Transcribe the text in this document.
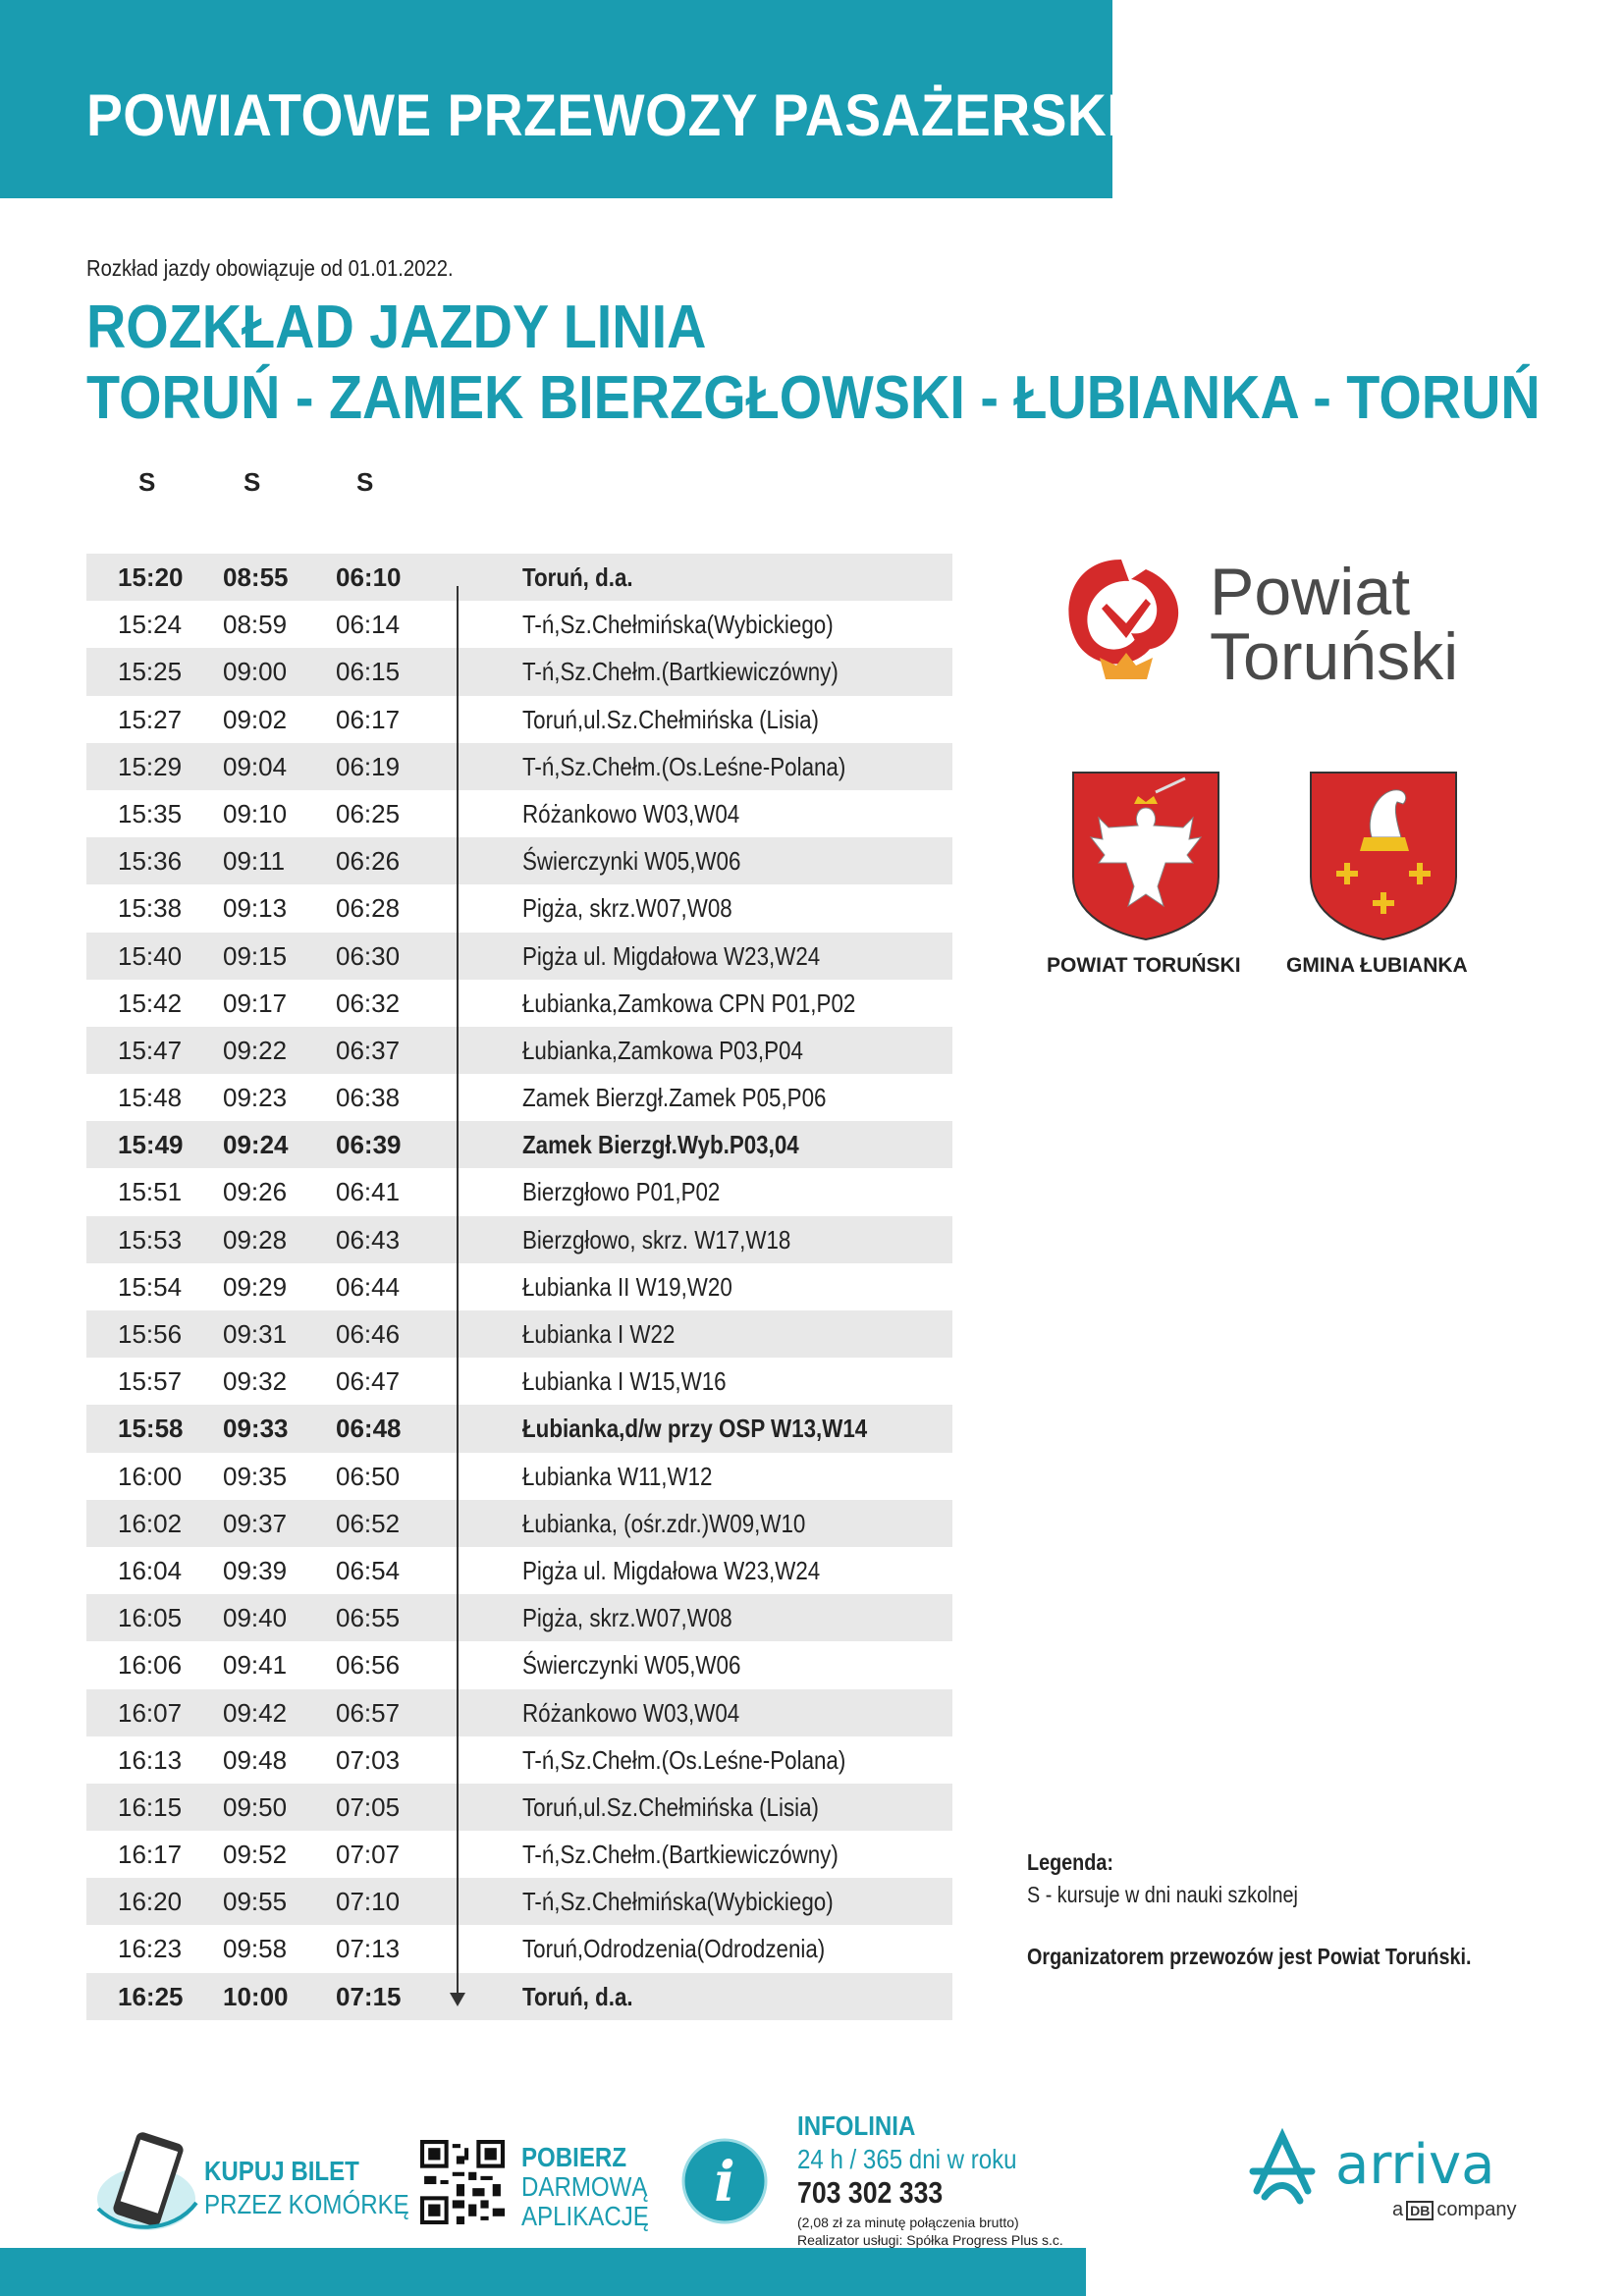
POWIATOWE PRZEWOZY PASAŻERSKIE
Rozkład jazdy obowiązuje od 01.01.2022.
ROZKŁAD JAZDY LINIA
TORUŃ - ZAMEK BIERZGŁOWSKI - ŁUBIANKA - TORUŃ
S	S	S
15:20 08:55 06:10	Toruń, d.a.
15:24 08:59 06:14	T-ń,Sz.Chełmińska(Wybickiego)
15:25 09:00 06:15	T-ń,Sz.Chełm.(Bartkiewiczówny)
15:27 09:02 06:17	Toruń,ul.Sz.Chełmińska (Lisia)
15:29 09:04 06:19	T-ń,Sz.Chełm.(Os.Leśne-Polana)
15:35 09:10 06:25	Różankowo W03,W04
15:36 09:11 06:26	Świerczynki W05,W06
15:38 09:13 06:28	Pigża, skrz.W07,W08
15:40 09:15 06:30	Pigża ul. Migdałowa W23,W24
15:42 09:17 06:32	Łubianka,Zamkowa CPN P01,P02
15:47 09:22 06:37	Łubianka,Zamkowa P03,P04
15:48 09:23 06:38	Zamek Bierzgł.Zamek P05,P06
15:49 09:24 06:39	Zamek Bierzgł.Wyb.P03,04
15:51 09:26 06:41	Bierzgłowo P01,P02
15:53 09:28 06:43	Bierzgłowo, skrz. W17,W18
15:54 09:29 06:44	Łubianka II W19,W20
15:56 09:31 06:46	Łubianka I W22
15:57 09:32 06:47	Łubianka I W15,W16
15:58 09:33 06:48	Łubianka,d/w przy OSP W13,W14
16:00 09:35 06:50	Łubianka W11,W12
16:02 09:37 06:52	Łubianka, (ośr.zdr.)W09,W10
16:04 09:39 06:54	Pigża ul. Migdałowa W23,W24
16:05 09:40 06:55	Pigża, skrz.W07,W08
16:06 09:41 06:56	Świerczynki W05,W06
16:07 09:42 06:57	Różankowo W03,W04
16:13 09:48 07:03	T-ń,Sz.Chełm.(Os.Leśne-Polana)
16:15 09:50 07:05	Toruń,ul.Sz.Chełmińska (Lisia)
16:17 09:52 07:07	T-ń,Sz.Chełm.(Bartkiewiczówny)
16:20 09:55 07:10	T-ń,Sz.Chełmińska(Wybickiego)
16:23 09:58 07:13	Toruń,Odrodzenia(Odrodzenia)
16:25 10:00 07:15	Toruń, d.a.
Powiat
Toruński
POWIAT TORUŃSKI GMINA ŁUBIANKA
Legenda:
S - kursuje w dni nauki szkolnej
Organizatorem przewozów jest Powiat Toruński.
KUPUJ BILET
PRZEZ KOMÓRKĘ
POBIERZ
DARMOWĄ
APLIKACJĘ
i
INFOLINIA
24 h / 365 dni w roku
703 302 333
(2,08 zł za minutę połączenia brutto)
Realizator usługi: Spółka Progress Plus s.c.
arriva
a DB company
